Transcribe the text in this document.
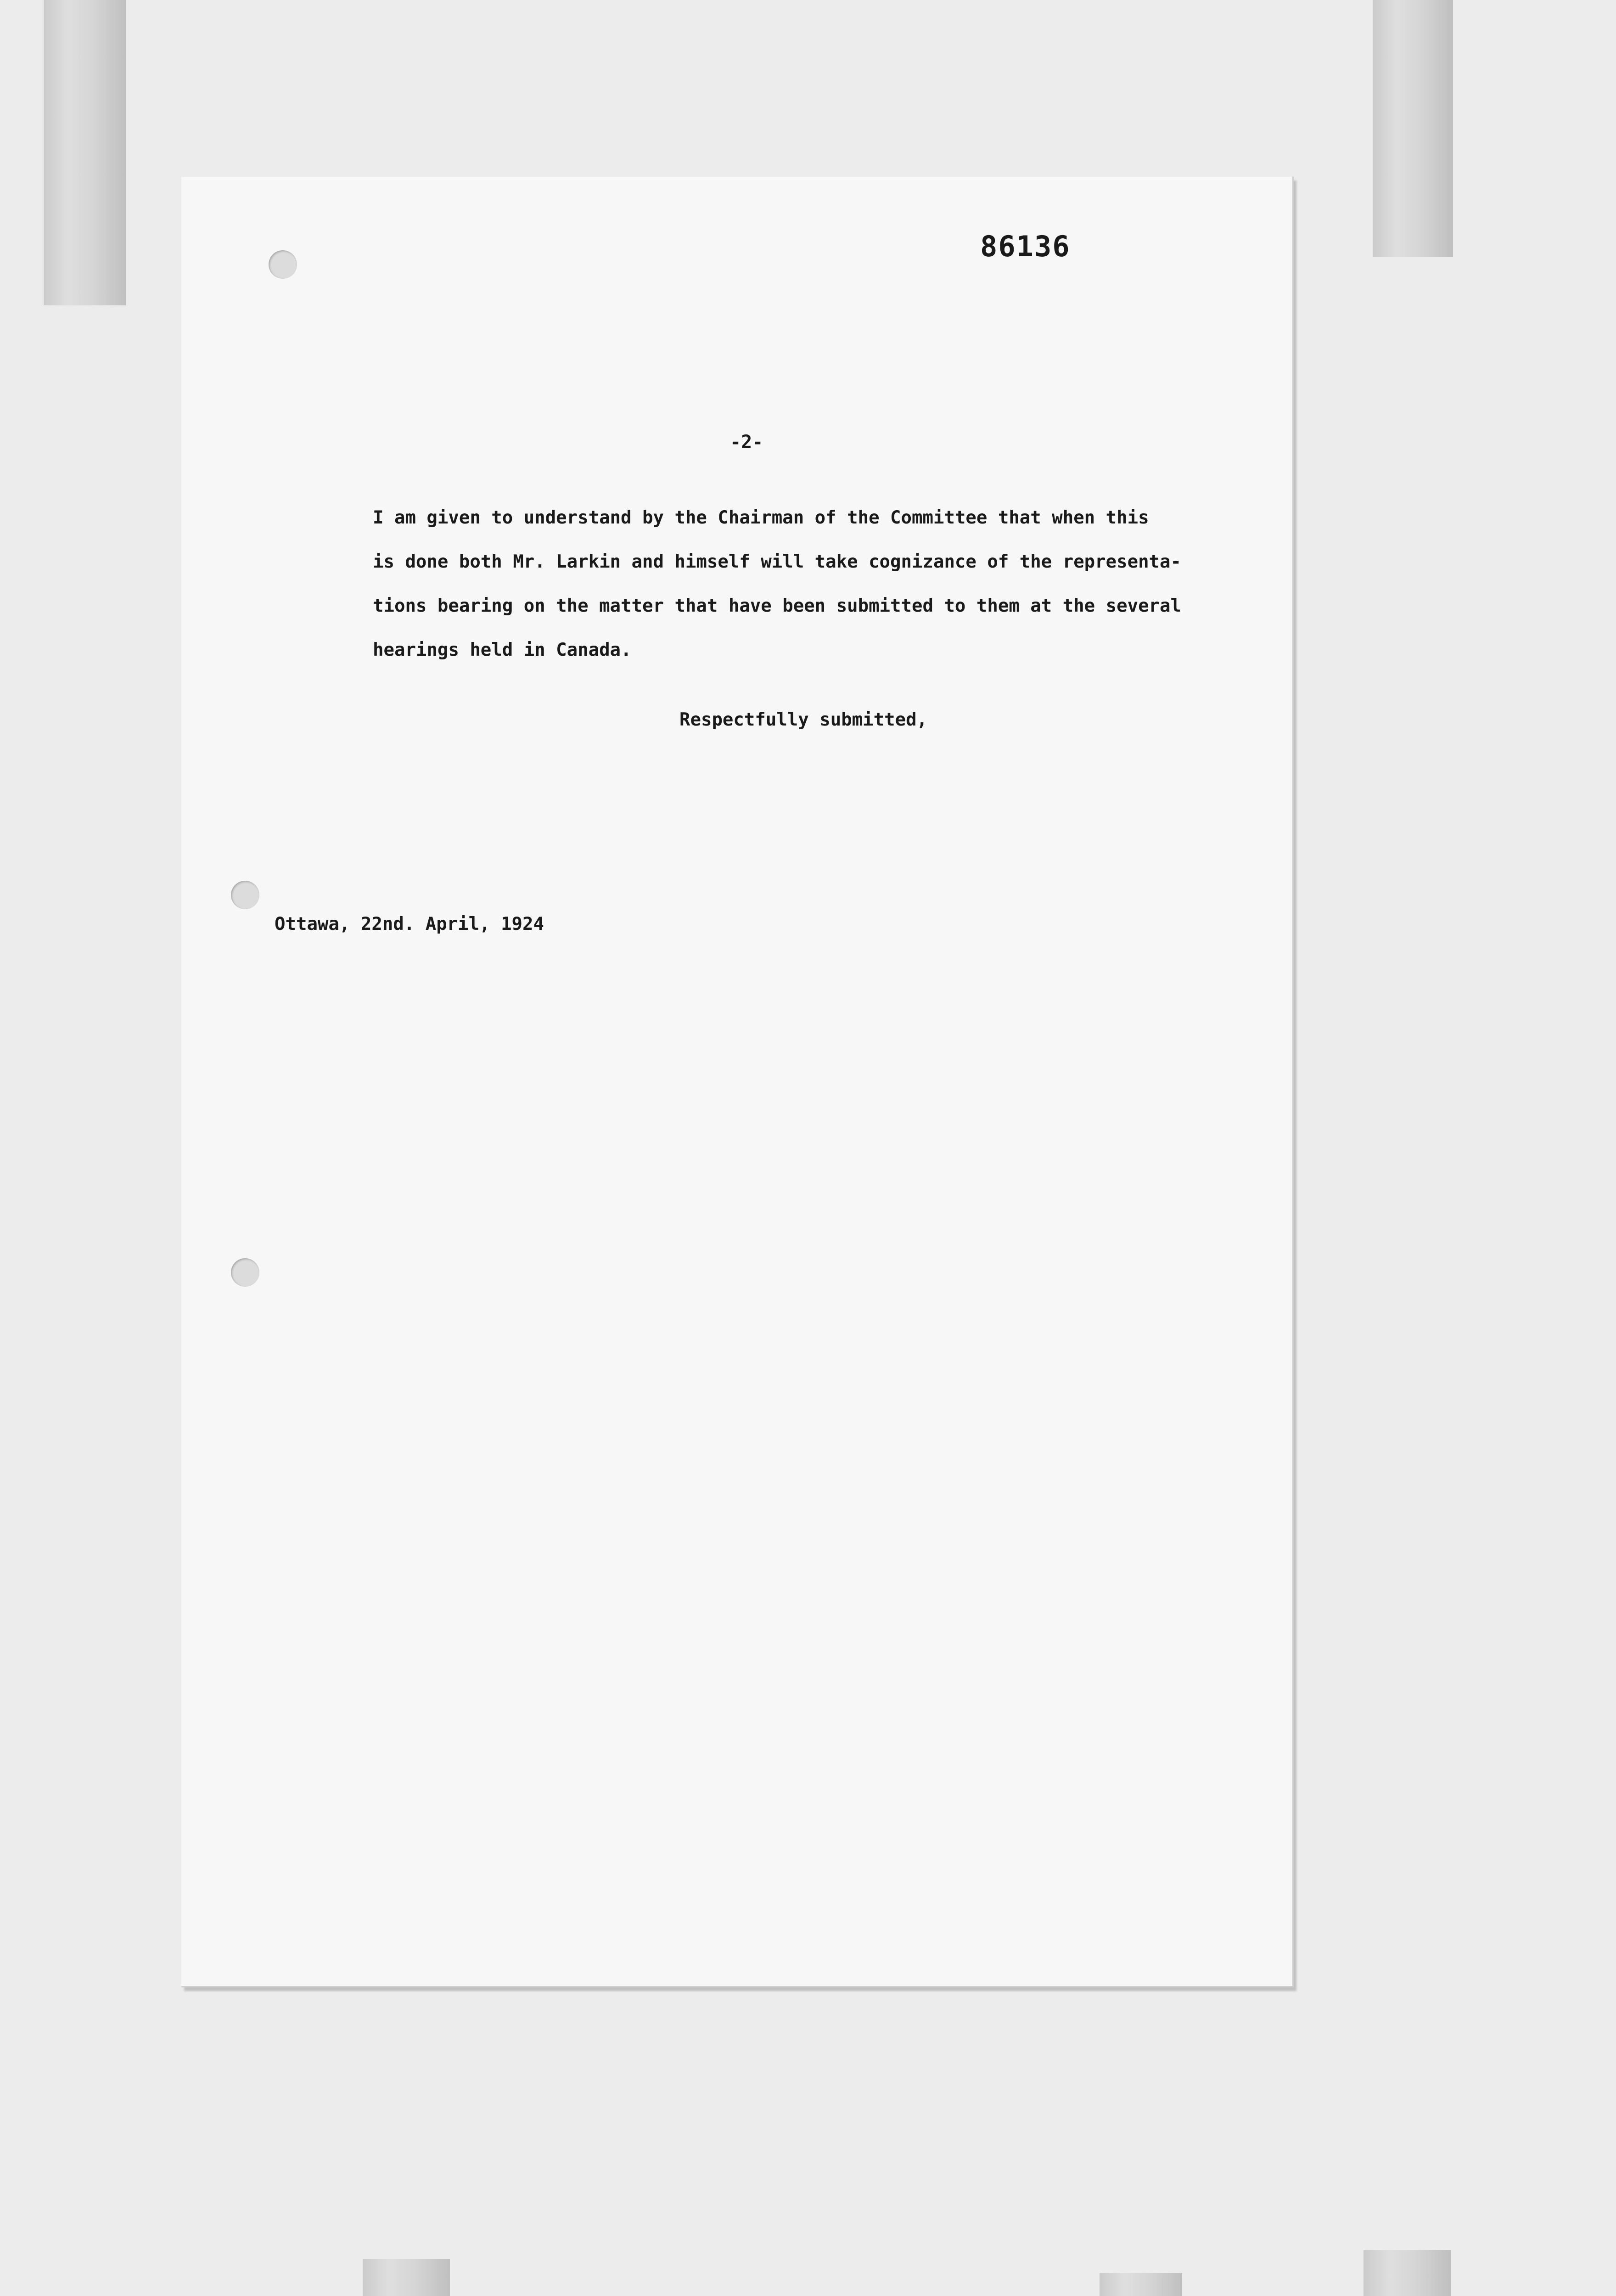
86136
-2-
I am given to understand by the Chairman of the Committee that when this
is done both Mr. Larkin and himself will take cognizance of the representa-
tions bearing on the matter that have been submitted to them at the several
hearings held in Canada.
Respectfully submitted,
Ottawa, 22nd. April, 1924
